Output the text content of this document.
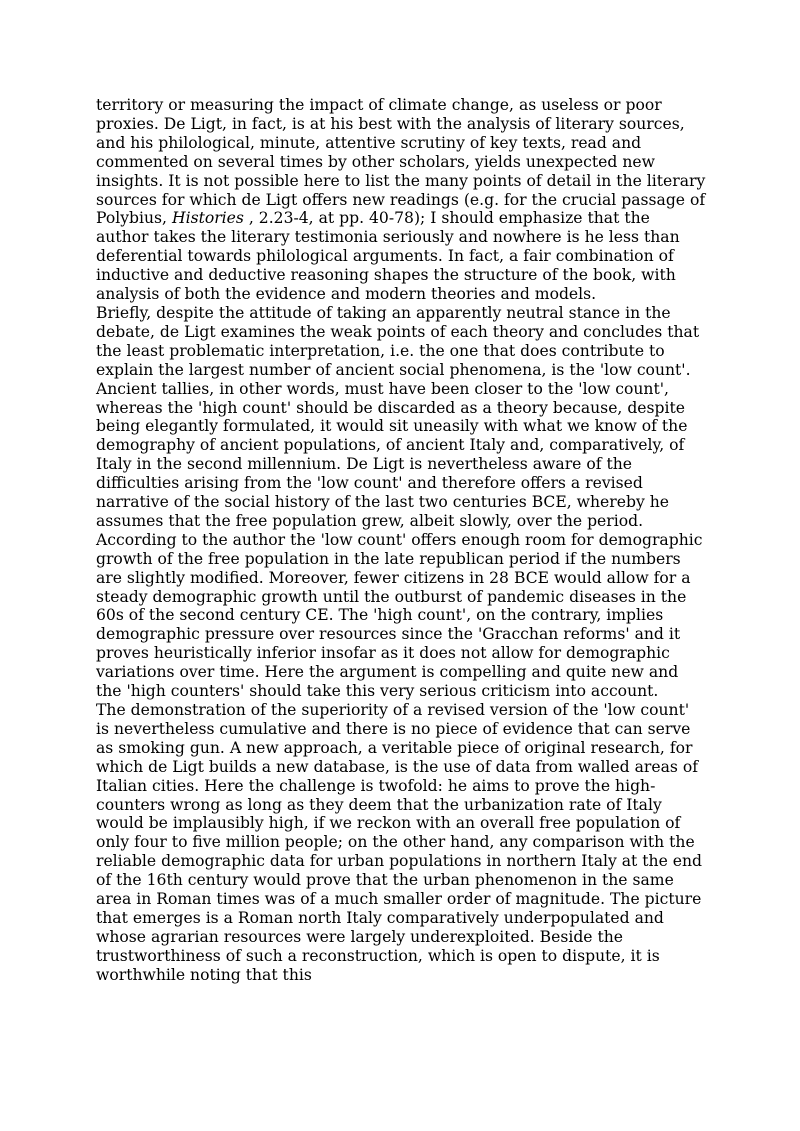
territory or measuring the impact of climate change, as useless or poor proxies. De Ligt, in fact, is at his best with the analysis of literary sources, and his philological, minute, attentive scrutiny of key texts, read and commented on several times by other scholars, yields unexpected new insights. It is not possible here to list the many points of detail in the literary sources for which de Ligt offers new readings (e.g. for the crucial passage of Polybius, Histories , 2.23-4, at pp. 40-78); I should emphasize that the author takes the literary testimonia seriously and nowhere is he less than deferential towards philological arguments. In fact, a fair combination of inductive and deductive reasoning shapes the structure of the book, with analysis of both the evidence and modern theories and models.

Briefly, despite the attitude of taking an apparently neutral stance in the debate, de Ligt examines the weak points of each theory and concludes that the least problematic interpretation, i.e. the one that does contribute to explain the largest number of ancient social phenomena, is the 'low count'. Ancient tallies, in other words, must have been closer to the 'low count', whereas the 'high count' should be discarded as a theory because, despite being elegantly formulated, it would sit uneasily with what we know of the demography of ancient populations, of ancient Italy and, comparatively, of Italy in the second millennium. De Ligt is nevertheless aware of the difficulties arising from the 'low count' and therefore offers a revised narrative of the social history of the last two centuries BCE, whereby he assumes that the free population grew, albeit slowly, over the period. According to the author the 'low count' offers enough room for demographic growth of the free population in the late republican period if the numbers are slightly modified. Moreover, fewer citizens in 28 BCE would allow for a steady demographic growth until the outburst of pandemic diseases in the 60s of the second century CE. The 'high count', on the contrary, implies demographic pressure over resources since the 'Gracchan reforms' and it proves heuristically inferior insofar as it does not allow for demographic variations over time. Here the argument is compelling and quite new and the 'high counters' should take this very serious criticism into account.

The demonstration of the superiority of a revised version of the 'low count' is nevertheless cumulative and there is no piece of evidence that can serve as smoking gun. A new approach, a veritable piece of original research, for which de Ligt builds a new database, is the use of data from walled areas of Italian cities. Here the challenge is twofold: he aims to prove the high-counters wrong as long as they deem that the urbanization rate of Italy would be implausibly high, if we reckon with an overall free population of only four to five million people; on the other hand, any comparison with the reliable demographic data for urban populations in northern Italy at the end of the 16th century would prove that the urban phenomenon in the same area in Roman times was of a much smaller order of magnitude. The picture that emerges is a Roman north Italy comparatively underpopulated and whose agrarian resources were largely underexploited. Beside the trustworthiness of such a reconstruction, which is open to dispute, it is worthwhile noting that this
